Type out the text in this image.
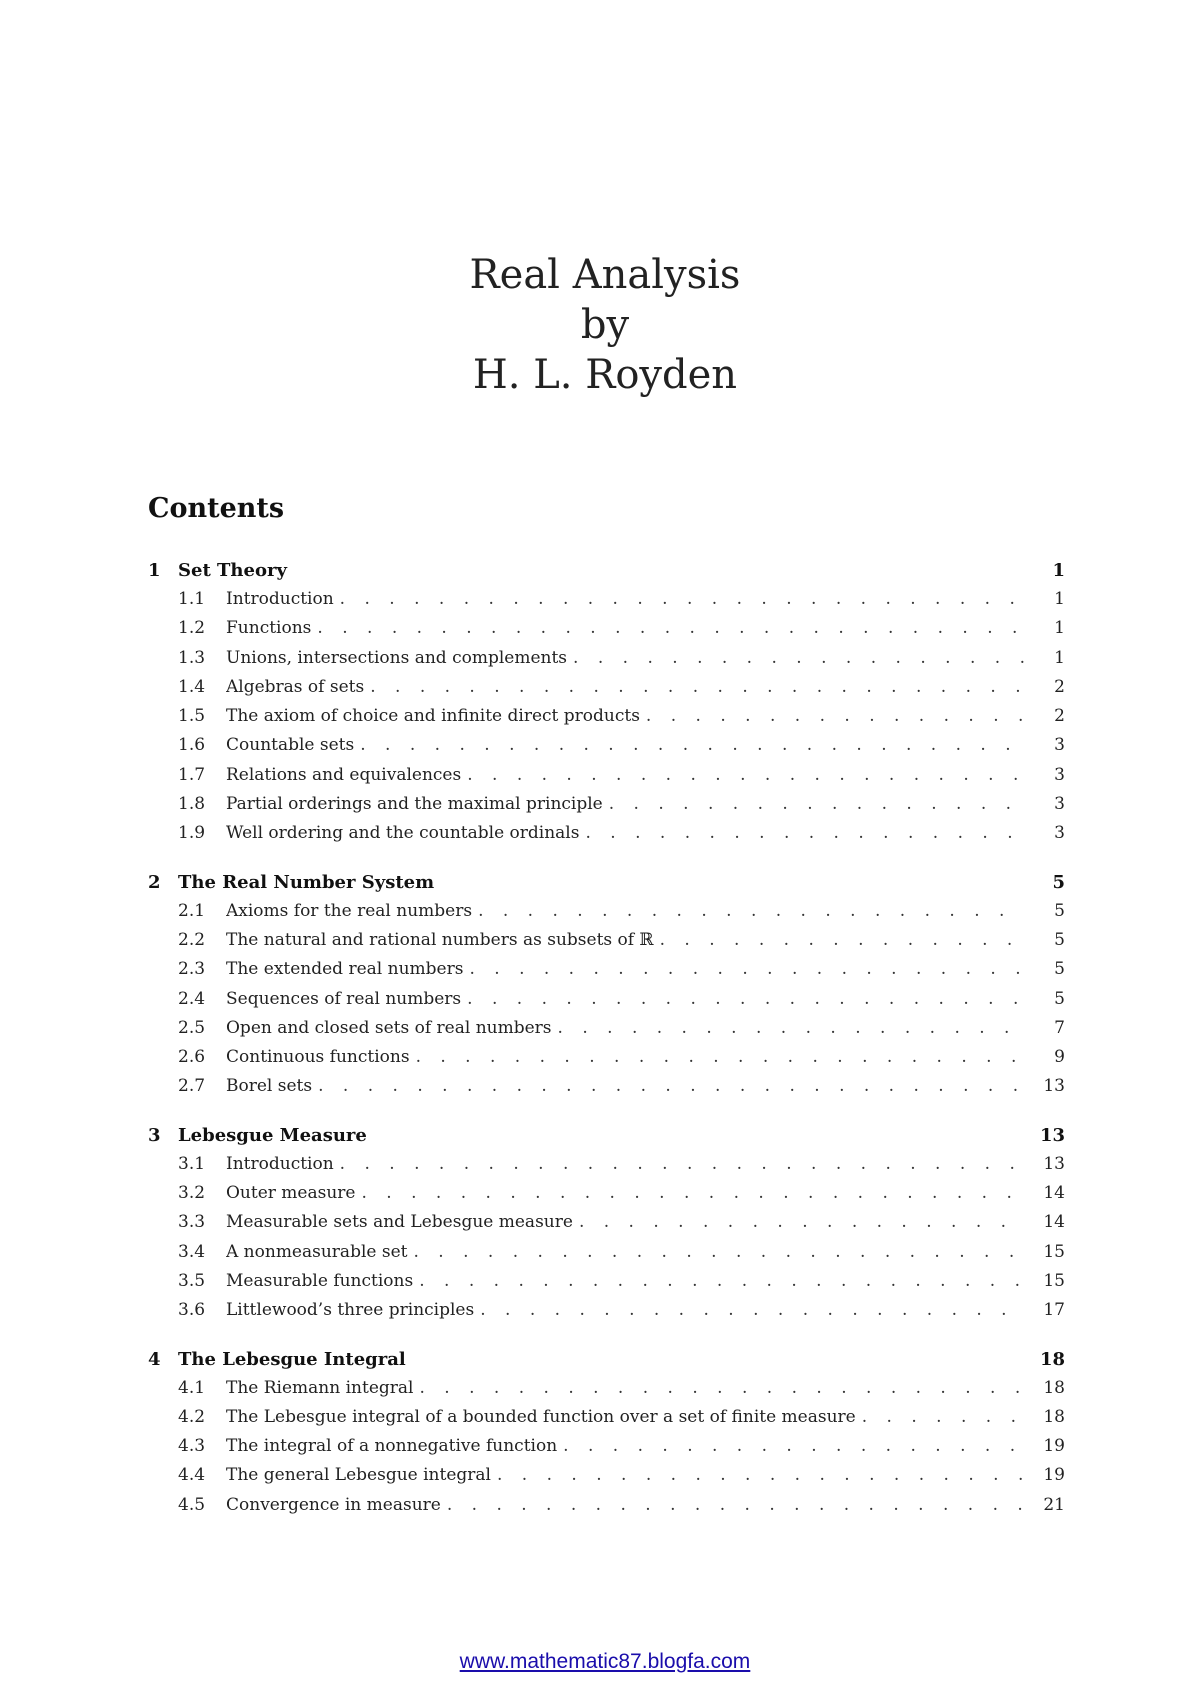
Real Analysis
by
H. L. Royden
Contents
1 Set Theory	1
1.1	Introduction . . .	1
1.2	Functions . . .	1
1.3	Unions, intersections and complements . . .	1
1.4	Algebras of sets . . .	2
1.5	The axiom of choice and infinite direct products . . .	2
1.6	Countable sets . . .	3
1.7	Relations and equivalences . . .	3
1.8	Partial orderings and the maximal principle . . .	3
1.9	Well ordering and the countable ordinals . . .	3
2 The Real Number System	5
2.1	Axioms for the real numbers . . .	5
2.2	The natural and rational numbers as subsets of ℝ . . .	5
2.3	The extended real numbers . . .	5
2.4	Sequences of real numbers . . .	5
2.5	Open and closed sets of real numbers . . .	7
2.6	Continuous functions . . .	9
2.7	Borel sets . . .	13
3 Lebesgue Measure	13
3.1	Introduction . . .	13
3.2	Outer measure . . .	14
3.3	Measurable sets and Lebesgue measure . . .	14
3.4	A nonmeasurable set . . .	15
3.5	Measurable functions . . .	15
3.6	Littlewood’s three principles . . .	17
4 The Lebesgue Integral	18
4.1	The Riemann integral . . .	18
4.2	The Lebesgue integral of a bounded function over a set of finite measure . . .	18
4.3	The integral of a nonnegative function . . .	19
4.4	The general Lebesgue integral . . .	19
4.5	Convergence in measure . . .	21
www.mathematic87.blogfa.com
